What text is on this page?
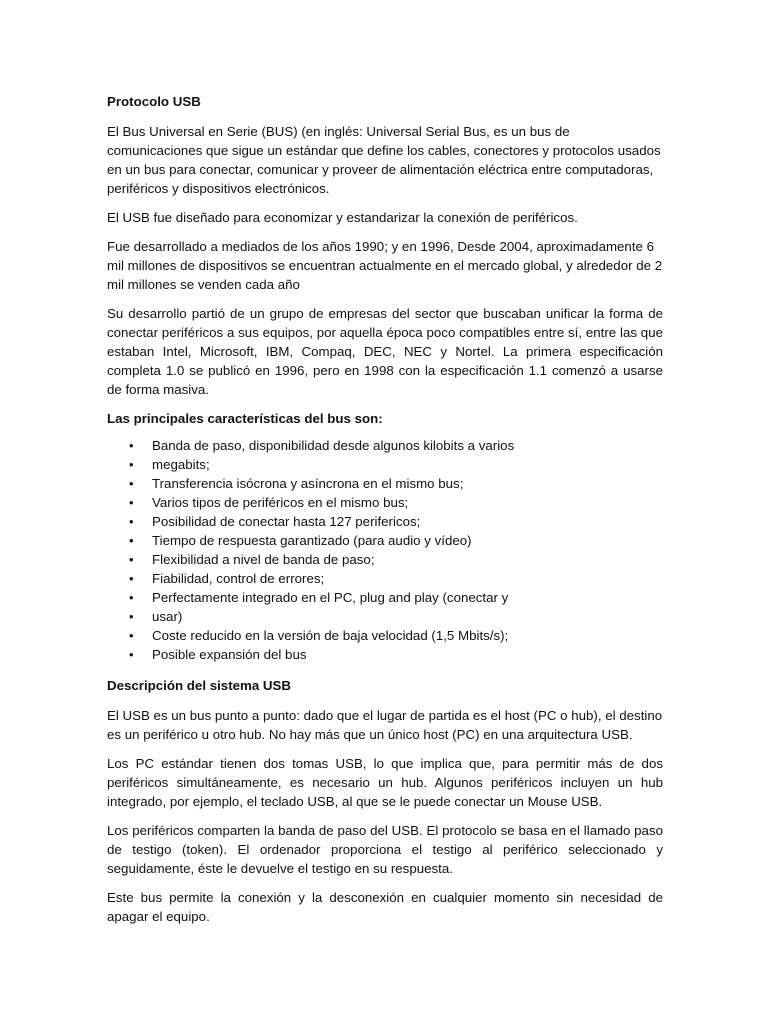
Protocolo USB

El Bus Universal en Serie (BUS) (en inglés: Universal Serial Bus, es un bus de comunicaciones que sigue un estándar que define los cables, conectores y protocolos usados en un bus para conectar, comunicar y proveer de alimentación eléctrica entre computadoras, periféricos y dispositivos electrónicos.

El USB fue diseñado para economizar y estandarizar la conexión de periféricos.

Fue desarrollado a mediados de los años 1990; y en 1996, Desde 2004, aproximadamente 6 mil millones de dispositivos se encuentran actualmente en el mercado global, y alrededor de 2 mil millones se venden cada año

Su desarrollo partió de un grupo de empresas del sector que buscaban unificar la forma de conectar periféricos a sus equipos, por aquella época poco compatibles entre sí, entre las que estaban Intel, Microsoft, IBM, Compaq, DEC, NEC y Nortel. La primera especificación completa 1.0 se publicó en 1996, pero en 1998 con la especificación 1.1 comenzó a usarse de forma masiva.

Las principales características del bus son:
• Banda de paso, disponibilidad desde algunos kilobits a varios
• megabits;
• Transferencia isócrona y asíncrona en el mismo bus;
• Varios tipos de periféricos en el mismo bus;
• Posibilidad de conectar hasta 127 perifericos;
• Tiempo de respuesta garantizado (para audio y vídeo)
• Flexibilidad a nivel de banda de paso;
• Fiabilidad, control de errores;
• Perfectamente integrado en el PC, plug and play (conectar y
• usar)
• Coste reducido en la versión de baja velocidad (1,5 Mbits/s);
• Posible expansión del bus
Descripción del sistema USB

El USB es un bus punto a punto: dado que el lugar de partida es el host (PC o hub), el destino es un periférico u otro hub. No hay más que un único host (PC) en una arquitectura USB.

Los PC estándar tienen dos tomas USB, lo que implica que, para permitir más de dos periféricos simultáneamente, es necesario un hub. Algunos periféricos incluyen un hub integrado, por ejemplo, el teclado USB, al que se le puede conectar un Mouse USB.

Los periféricos comparten la banda de paso del USB. El protocolo se basa en el llamado paso de testigo (token). El ordenador proporciona el testigo al periférico seleccionado y seguidamente, éste le devuelve el testigo en su respuesta.

Este bus permite la conexión y la desconexión en cualquier momento sin necesidad de apagar el equipo.
